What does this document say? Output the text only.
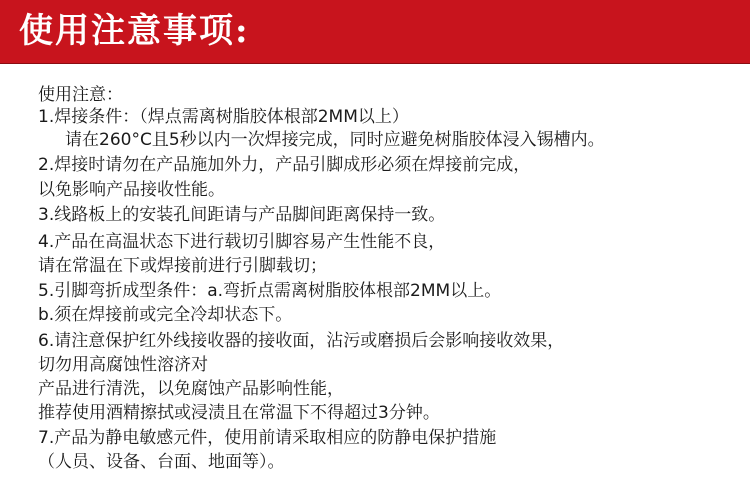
使用注意事项:
使用注意：
1.焊接条件：（焊点需离树脂胶体根部2MM以上）
请在260°C且5秒以内一次焊接完成，同时应避免树脂胶体浸入锡槽内。
2.焊接时请勿在产品施加外力，产品引脚成形必须在焊接前完成，
以免影响产品接收性能。
3.线路板上的安装孔间距请与产品脚间距离保持一致。
4.产品在高温状态下进行载切引脚容易产生性能不良，
请在常温在下或焊接前进行引脚载切；
5.引脚弯折成型条件：a.弯折点需离树脂胶体根部2MM以上。
b.须在焊接前或完全冷却状态下。
6.请注意保护红外线接收器的接收面，沾污或磨损后会影响接收效果，
切勿用高腐蚀性溶济对
产品进行清洗，以免腐蚀产品影响性能，
推荐使用酒精擦拭或浸渍且在常温下不得超过3分钟。
7.产品为静电敏感元件，使用前请采取相应的防静电保护措施
（人员、设备、台面、地面等）。
